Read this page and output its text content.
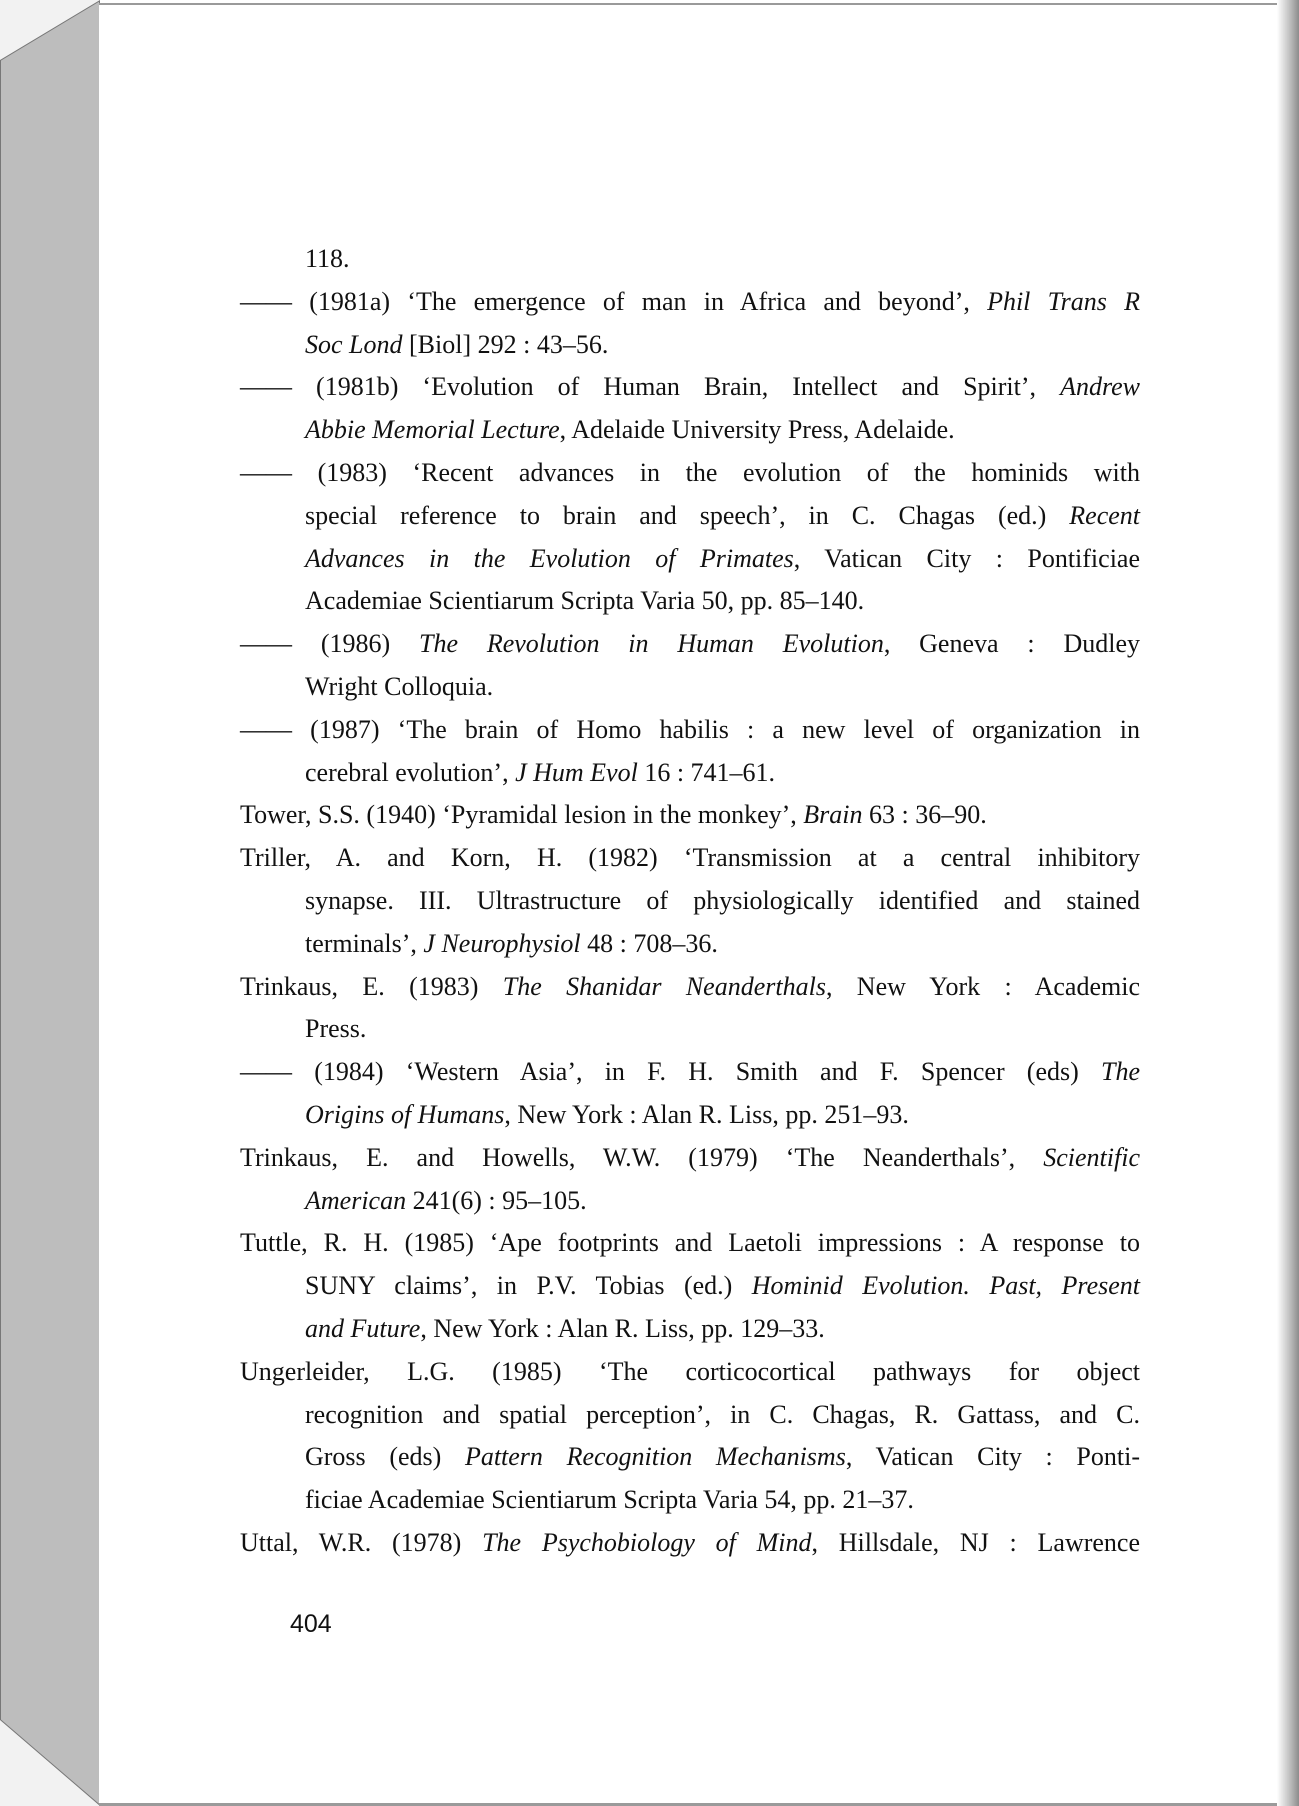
118.
—— (1981a) ‘The emergence of man in Africa and beyond’, Phil Trans R
Soc Lond [Biol] 292 : 43–56.
—— (1981b) ‘Evolution of Human Brain, Intellect and Spirit’, Andrew
Abbie Memorial Lecture, Adelaide University Press, Adelaide.
—— (1983) ‘Recent advances in the evolution of the hominids with
special reference to brain and speech’, in C. Chagas (ed.) Recent
Advances in the Evolution of Primates, Vatican City : Pontificiae
Academiae Scientiarum Scripta Varia 50, pp. 85–140.
—— (1986) The Revolution in Human Evolution, Geneva : Dudley
Wright Colloquia.
—— (1987) ‘The brain of Homo habilis : a new level of organization in
cerebral evolution’, J Hum Evol 16 : 741–61.
Tower, S.S. (1940) ‘Pyramidal lesion in the monkey’, Brain 63 : 36–90.
Triller, A. and Korn, H. (1982) ‘Transmission at a central inhibitory
synapse. III. Ultrastructure of physiologically identified and stained
terminals’, J Neurophysiol 48 : 708–36.
Trinkaus, E. (1983) The Shanidar Neanderthals, New York : Academic
Press.
—— (1984) ‘Western Asia’, in F. H. Smith and F. Spencer (eds) The
Origins of Humans, New York : Alan R. Liss, pp. 251–93.
Trinkaus, E. and Howells, W.W. (1979) ‘The Neanderthals’, Scientific
American 241(6) : 95–105.
Tuttle, R. H. (1985) ‘Ape footprints and Laetoli impressions : A response to
SUNY claims’, in P.V. Tobias (ed.) Hominid Evolution. Past, Present
and Future, New York : Alan R. Liss, pp. 129–33.
Ungerleider, L.G. (1985) ‘The corticocortical pathways for object
recognition and spatial perception’, in C. Chagas, R. Gattass, and C.
Gross (eds) Pattern Recognition Mechanisms, Vatican City : Ponti-
ficiae Academiae Scientiarum Scripta Varia 54, pp. 21–37.
Uttal, W.R. (1978) The Psychobiology of Mind, Hillsdale, NJ : Lawrence
404
